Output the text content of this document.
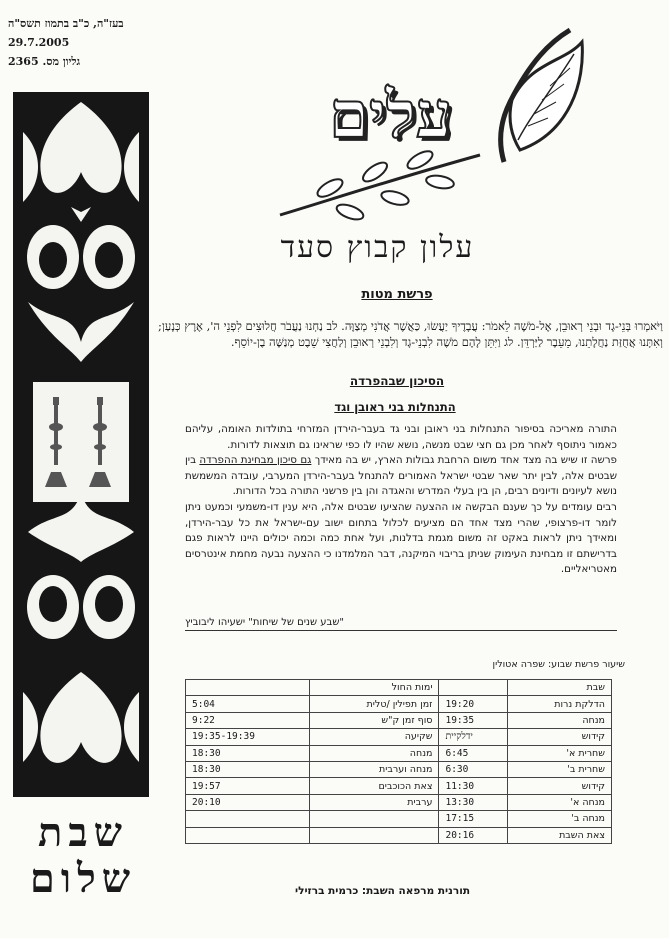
בעז"ה, כ"ב בתמוז תשס"ה
29.7.2005
גליון מס. 2365
שבת
שלום
עלים
עלון קבוץ סעד
פרשת מטות
וַיֹּאמְרוּ בְּנֵי-גָד וּבְנֵי רְאוּבֵן, אֶל-מֹשֶׁה לֵאמֹר: עֲבָדֶיךָ יַעֲשׂוּ, כַּאֲשֶׁר אֲדֹנִי מְצַוֶּה. לב נַחְנוּ נַעֲבֹר חֲלוּצִים לִפְנֵי ה', אֶרֶץ כְּנָעַן; וְאִתָּנוּ אֲחֻזַּת נַחֲלָתֵנוּ, מֵעֵבֶר לַיַּרְדֵּן. לג וַיִּתֵּן לָהֶם מֹשֶׁה לִבְנֵי-גָד וְלִבְנֵי רְאוּבֵן וְלַחֲצִי שֵׁבֶט מְנַשֶּׁה בֶן-יוֹסֵף.
הסיכון שבהפרדה
התנחלות בני ראובן וגד

התורה מאריכה בסיפור התנחלות בני ראובן ובני גד בעבר-הירדן המזרחי בתולדות האומה, עליהם כאמור ניתוסף לאחר מכן גם חצי שבט מנשה, נושא שהיו לו כפי שראינו גם תוצאות לדורות.

פרשה זו שיש בה מצד אחד משום הרחבת גבולות הארץ, יש בה מאידך גם סיכון מבחינת ההפרדה בין שבטים אלה, לבין יתר שאר שבטי ישראל האמורים להתנחל בעבר-הירדן המערבי, עובדה המשמשת נושא לעיונים ודיונים רבים, הן בין בעלי המדרש והאגדה והן בין פרשני התורה בכל הדורות.

רבים עומדים על כך שענם הבקשה או ההצעה שהציעו שבטים אלה, היא ענין דו-משמעי וכמעט ניתן לומר דו-פרצופי, שהרי מצד אחד הם מציעים לכלול בתחום ישוב עם-ישראל את כל עבר-הירדן, ומאידך ניתן לראות באקט זה משום מגמת בדלנות, ועל אחת כמה וכמה יכולים היינו לראות פגם בדרישתם זו מבחינת העימוק שניתן בריבוי המיקנה, דבר המלמדנו כי ההצעה נבעה מחמת אינטרסים מאטריאליים.

"שבע שנים של שיחות" ישעיהו ליבוביץ
שיעור פרשת שבוע: שפרה אטולין
שבת		ימות החול	
הדלקת נרות	19:20	זמן תפילין /טלית	5:04
מנחה	19:35	סוף זמן ק"ש	9:22
קידוש	ידלקיית	שקיעה	19:35-19:39
שחרית א'	6:45	מנחה	18:30
שחרית ב'	6:30	מנחה וערבית	18:30
קידוש	11:30	צאת הכוכבים	19:57
מנחה א'	13:30	ערבית	20:10
מנחה ב'	17:15		
צאת השבת	20:16		
תורנית מרפאה השבת: כרמית ברזילי
